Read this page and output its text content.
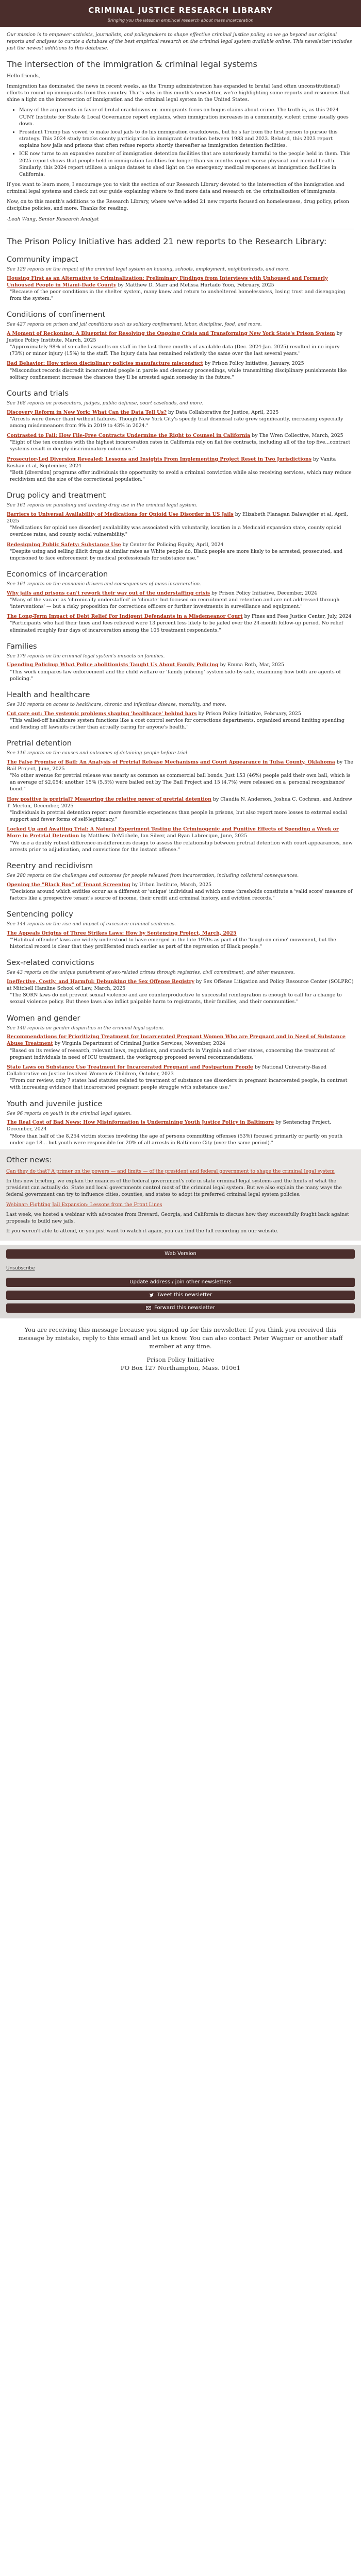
CRIMINAL JUSTICE RESEARCH LIBRARY
Bringing you the latest in empirical research about mass incarceration

Our mission is to empower activists, journalists, and policymakers to shape effective criminal justice policy, so we go beyond our original reports and analyses to curate a database of the best empirical research on the criminal legal system available online. This newsletter includes just the newest additions to this database.

The intersection of the immigration & criminal legal systems

Hello friends,

Immigration has dominated the news in recent weeks, as the Trump administration has expanded to brutal (and often unconstitutional) efforts to round up immigrants from this country. That's why in this month's newsletter, we're highlighting some reports and resources that shine a light on the intersection of immigration and the criminal legal system in the United States.

• Many of the arguments in favor of brutal crackdowns on immigrants focus on bogus claims about crime. The truth is, as this 2024 CUNY Institute for State & Local Governance report explains, when immigration increases in a community, violent crime usually goes down.
• President Trump has vowed to make local jails to do his immigration crackdowns, but he's far from the first person to pursue this strategy. This 2024 study tracks county participation in immigrant detention between 1983 and 2023. Related, this 2023 report explains how jails and prisons that often refuse reports shortly thereafter as immigration detention facilities.
• ICE now turns to an expansive number of immigration detention facilities that are notoriously harmful to the people held in them. This 2025 report shows that people held in immigration facilities for longer than six months report worse physical and mental health. Similarly, this 2024 report utilizes a unique dataset to shed light on the emergency medical responses at immigration facilities in California.

If you want to learn more, I encourage you to visit the section of our Research Library devoted to the intersection of the immigration and criminal legal systems and check out our guide explaining where to find more data and research on the criminalization of immigrants.

Now, on to this month's additions to the Research Library, where we've added 21 new reports focused on homelessness, drug policy, prison discipline policies, and more. Thanks for reading.

-Leah Wang, Senior Research Analyst

The Prison Policy Initiative has added 21 new reports to the Research Library:
Community impact
See 129 reports on the impact of the criminal legal system on housing, schools, employment, neighborhoods, and more.
Housing First as an Alternative to Criminalization: Preliminary Findings from Interviews with Unhoused and Formerly Unhoused People in Miami-Dade County by Matthew D. Marr and Melissa Hurtado Yoon, February, 2025
"Because of the poor conditions in the shelter system, many knew and return to unsheltered homelessness, losing trust and disengaging from the system."
Conditions of confinement
See 427 reports on prison and jail conditions such as solitary confinement, labor, discipline, food, and more.
A Moment of Reckoning: A Blueprint for Resolving the Ongoing Crisis and Transforming New York State's Prison System by Justice Policy Institute, March, 2025
"Approximately 98% of so-called assaults on staff in the last three months of available data (Dec. 2024-Jan. 2025) resulted in no injury (73%) or minor injury (15%) to the staff. The injury data has remained relatively the same over the last several years."
Bad Behavior: How prison disciplinary policies manufacture misconduct by Prison Policy Initiative, January, 2025
"Misconduct records discredit incarcerated people in parole and clemency proceedings, while transmitting disciplinary punishments like solitary confinement increase the chances they'll be arrested again someday in the future."
Courts and trials
See 168 reports on prosecutors, judges, public defense, court caseloads, and more.
Discovery Reform in New York: What Can the Data Tell Us? by Data Collaborative for Justice, April, 2025
"Arrests were (lower than) without failures. Though New York City's speedy trial dismissal rate grew significantly, increasing especially among misdemeanors from 9% in 2019 to 43% in 2024."
Contrasted to Fail: How File-Free Contracts Undermine the Right to Counsel in California by The Wren Collective, March, 2025
"Eight of the ten counties with the highest incarceration rates in California rely on flat fee contracts, including all of the top five...contract systems result in deeply discriminatory outcomes."
Prosecutor-Led Diversion Revealed: Lessons and Insights From Implementing Project Reset in Two Jurisdictions by Vanita Keshav et al, September, 2024
"Both [diversion] programs offer individuals the opportunity to avoid a criminal conviction while also receiving services, which may reduce recidivism and the size of the correctional population."
Drug policy and treatment
See 161 reports on punishing and treating drug use in the criminal legal system.
Barriers to Universal Availability of Medications for Opioid Use Disorder in US Jails by Elizabeth Flanagan Balawajder et al, April, 2025
"Medications for opioid use disorder] availability was associated with voluntarily, location in a Medicaid expansion state, county opioid overdose rates, and county social vulnerability."
Redesigning Public Safety: Substance Use by Center for Policing Equity, April, 2024
"Despite using and selling illicit drugs at similar rates as White people do, Black people are more likely to be arrested, prosecuted, and imprisoned to face enforcement by medical professionals for substance use."
Economics of incarceration
See 161 reports on the economic drivers and consequences of mass incarceration.
Why jails and prisons can't rework their way out of the understaffing crisis by Prison Policy Initiative, December, 2024
"Many of the vacant as 'chronically understaffed' in 'climate' but focused on recruitment and retention and are not addressed through 'interventions' — but a risky proposition for corrections officers or further investments in surveillance and equipment."
The Long-Term Impact of Debt Relief For Indigent Defendants in a Misdemeanor Court by Fines and Fees Justice Center, July, 2024
"Participants who had their fines and fees relieved were 13 percent less likely to be jailed over the 24-month follow-up period. No relief eliminated roughly four days of incarceration among the 105 treatment respondents."
Families
See 179 reports on the criminal legal system's impacts on families.
Upending Policing: What Police abolitionists Taught Us About Family Policing by Emma Roth, Mar, 2025
"This work compares law enforcement and the child welfare or 'family policing' system side-by-side, examining how both are agents of policing."
Health and healthcare
See 310 reports on access to healthcare, chronic and infectious disease, mortality, and more.
Cut care out: The systemic problems shaping 'healthcare' behind bars by Prison Policy Initiative, February, 2025
"This walled-off healthcare system functions like a cost control service for corrections departments, organized around limiting spending and fending off lawsuits rather than actually caring for anyone's health."
Pretrial detention
See 116 reports on the causes and outcomes of detaining people before trial.
The False Promise of Bail: An Analysis of Pretrial Release Mechanisms and Court Appearance in Tulsa County, Oklahoma by The Bail Project, June, 2025
"No other avenue for pretrial release was nearly as common as commercial bail bonds. Just 153 (46%) people paid their own bail, which is an average of $2,054; another 15% (5.5%) were bailed out by The Bail Project and 15 (4.7%) were released on a 'personal recognizance' bond."
How positive is pretrial? Measuring the relative power of pretrial detention by Claudia N. Anderson, Joshua C. Cochran, and Andrew T. Merton, December, 2025
"Individuals in pretrial detention report more favorable experiences than people in prisons, but also report more losses to external social support and fewer forms of self-legitimacy."
Locked Up and Awaiting Trial: A Natural Experiment Testing the Criminogenic and Punitive Effects of Spending a Week or More in Pretrial Detention by Matthew DeMichele, Ian Silver, and Ryan Labrecque, June, 2025
"We use a doubly robust difference-in-differences design to assess the relationship between pretrial detention with court appearances, new arrests prior to adjudication, and convictions for the instant offense."
Reentry and recidivism
See 280 reports on the challenges and outcomes for people released from incarceration, including collateral consequences.
Opening the "Black Box" of Tenant Screening by Urban Institute, March, 2025
"Decisions around which entities occur as a different or 'unique' individual and which come thresholds constitute a 'valid score' measure of factors like a prospective tenant's source of income, their credit and criminal history, and eviction records."
Sentencing policy
See 144 reports on the rise and impact of excessive criminal sentences.
The Appeals Origins of Three Strikes Laws: How by Sentencing Project, March, 2025
"'Habitual offender' laws are widely understood to have emerged in the late 1970s as part of the 'tough on crime' movement, but the historical record is clear that they proliferated much earlier as part of the repression of Black people."
Sex-related convictions
See 43 reports on the unique punishment of sex-related crimes through registries, civil commitment, and other measures.
Ineffective, Costly, and Harmful: Debunking the Sex Offense Registry by Sex Offense Litigation and Policy Resource Center (SOLPRC) at Mitchell Hamline School of Law, March, 2025
"The SORN laws do not prevent sexual violence and are counterproductive to successful reintegration is enough to call for a change to sexual violence policy. But these laws also inflict palpable harm to registrants, their families, and their communities."
Women and gender
See 140 reports on gender disparities in the criminal legal system.
Recommendations for Prioritizing Treatment for Incarcerated Pregnant Women Who are Pregnant and in Need of Substance Abuse Treatment by Virginia Department of Criminal Justice Services, November, 2024
"Based on its review of research, relevant laws, regulations, and standards in Virginia and other states, concerning the treatment of pregnant individuals in need of ICU treatment, the workgroup proposed several recommendations."
State Laws on Substance Use Treatment for Incarcerated Pregnant and Postpartum People by National University-Based Collaborative on Justice Involved Women & Children, October, 2023
"From our review, only 7 states had statutes related to treatment of substance use disorders in pregnant incarcerated people, in contrast with increasing evidence that incarcerated pregnant people struggle with substance use."
Youth and juvenile justice
See 96 reports on youth in the criminal legal system.
The Real Cost of Bad News: How Misinformation is Undermining Youth Justice Policy in Baltimore by Sentencing Project, December, 2024
"More than half of the 8,254 victim stories involving the age of persons committing offenses (53%) focused primarily or partly on youth under age 18... but youth were responsible for 20% of all arrests in Baltimore City (over the same period)."
Other news:

Can they do that? A primer on the powers — and limits — of the president and federal government to shape the criminal legal system

In this new briefing, we explain the nuances of the federal government's role in state criminal legal systems and the limits of what the president can actually do. State and local governments control most of the criminal legal system. But we also explain the many ways the federal government can try to influence cities, counties, and states to adopt its preferred criminal legal system policies.

Webinar: Fighting Jail Expansion: Lessons from the Front Lines

Last week, we hosted a webinar with advocates from Brevard, Georgia, and California to discuss how they successfully fought back against proposals to build new jails.

If you weren't able to attend, or you just want to watch it again, you can find the full recording on our website.

Web Version
Unsubscribe
Update address / join other newsletters
Tweet this newsletter
Forward this newsletter

You are receiving this message because you signed up for this newsletter. If you think you received this message by mistake, reply to this email and let us know. You can also contact Peter Wagner or another staff member at any time.

Prison Policy Initiative
PO Box 127 Northampton, Mass. 01061
